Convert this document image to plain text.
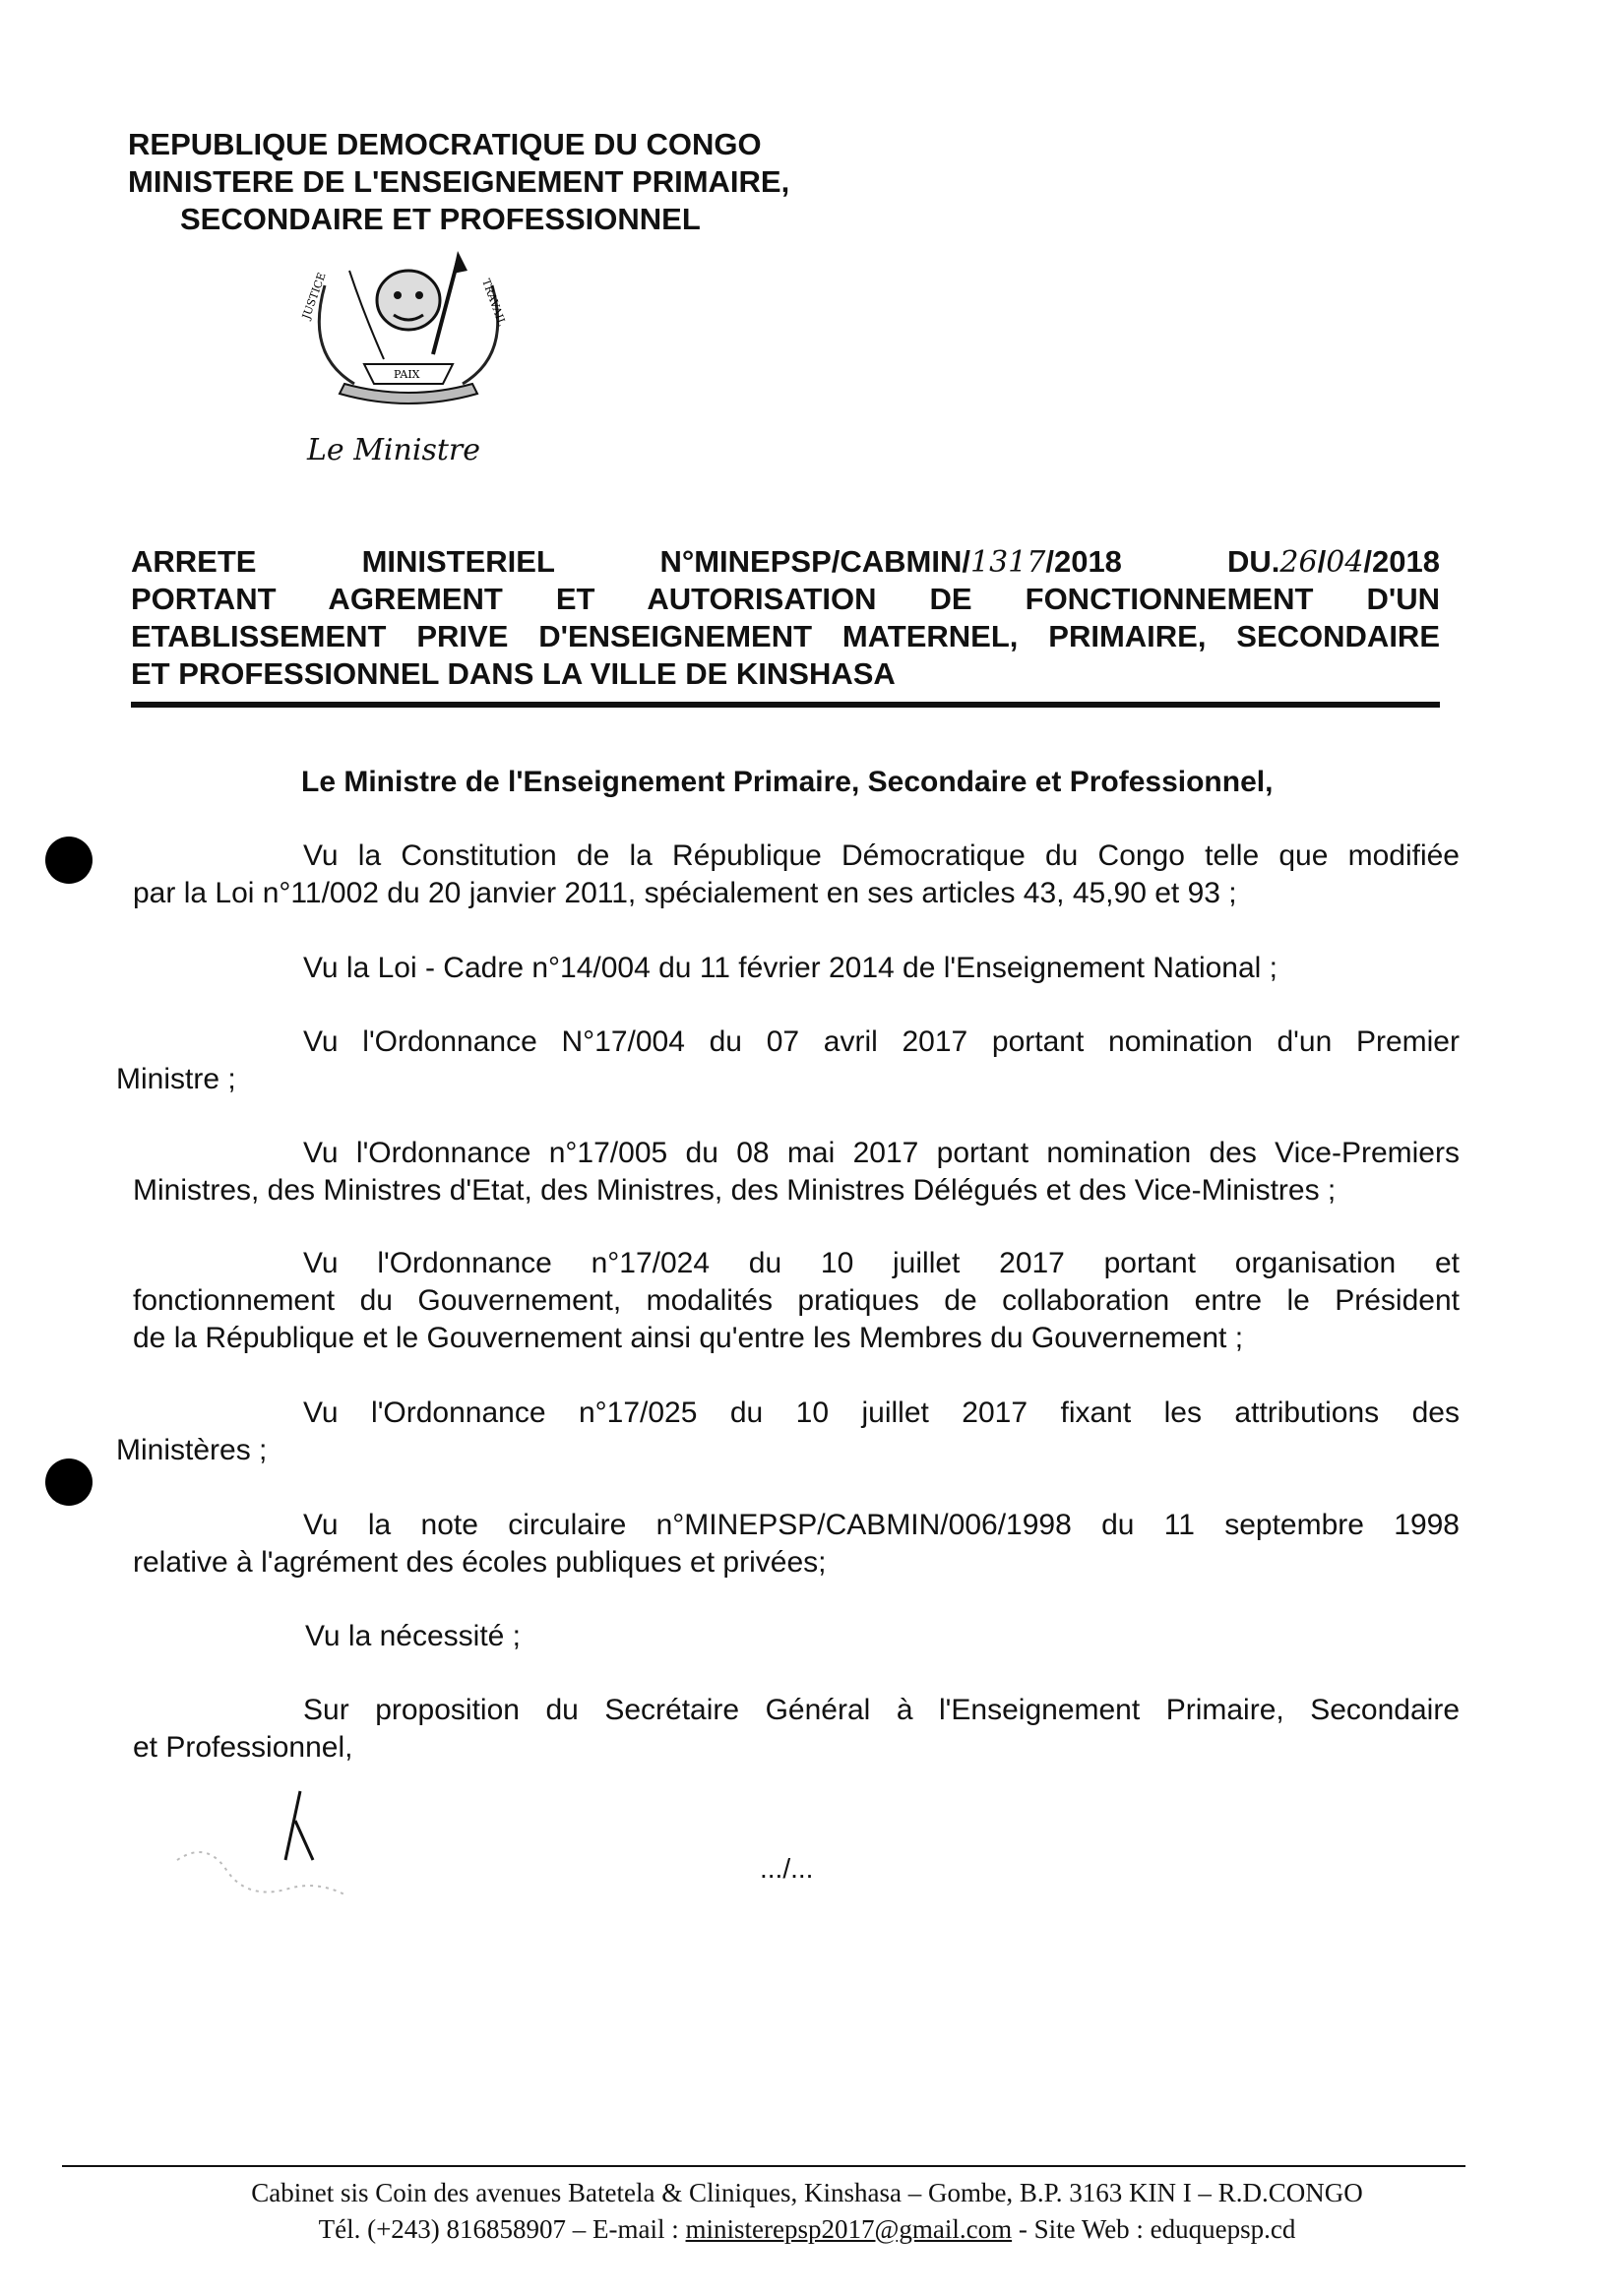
REPUBLIQUE DEMOCRATIQUE DU CONGO
MINISTERE DE L'ENSEIGNEMENT PRIMAIRE,
SECONDAIRE ET PROFESSIONNEL
JUSTICE
PAIX
TRAVAIL
Le Ministre
ARRETE	MINISTERIEL	N°MINEPSP/CABMIN/1317/2018	DU.26/04/2018
PORTANT AGREMENT ET AUTORISATION DE FONCTIONNEMENT D'UN
ETABLISSEMENT PRIVE D'ENSEIGNEMENT MATERNEL, PRIMAIRE, SECONDAIRE
ET PROFESSIONNEL DANS LA VILLE DE KINSHASA
Le Ministre de l'Enseignement Primaire, Secondaire et Professionnel,
Vu la Constitution de la République Démocratique du Congo telle que modifiée
par la Loi n°11/002 du 20 janvier 2011, spécialement en ses articles 43, 45,90 et 93 ;
Vu la Loi - Cadre n°14/004 du 11 février 2014 de l'Enseignement National ;
Vu l'Ordonnance N°17/004 du 07 avril 2017 portant nomination d'un Premier
Ministre ;
Vu l'Ordonnance n°17/005 du 08 mai 2017 portant nomination des Vice-Premiers
Ministres, des Ministres d'Etat, des Ministres, des Ministres Délégués et des Vice-Ministres ;
Vu l'Ordonnance n°17/024 du 10 juillet 2017 portant organisation et
fonctionnement du Gouvernement, modalités pratiques de collaboration entre le Président
de la République et le Gouvernement ainsi qu'entre les Membres du Gouvernement ;
Vu l'Ordonnance n°17/025 du 10 juillet 2017 fixant les attributions des
Ministères ;
Vu la note circulaire n°MINEPSP/CABMIN/006/1998 du 11 septembre 1998
relative à l'agrément des écoles publiques et privées;
Vu la nécessité ;
Sur proposition du Secrétaire Général à l'Enseignement Primaire, Secondaire
et Professionnel,
.../...
Cabinet sis Coin des avenues Batetela & Cliniques, Kinshasa – Gombe, B.P. 3163 KIN I – R.D.CONGO
Tél. (+243) 816858907 – E-mail : ministerepsp2017@gmail.com - Site Web : eduquepsp.cd
